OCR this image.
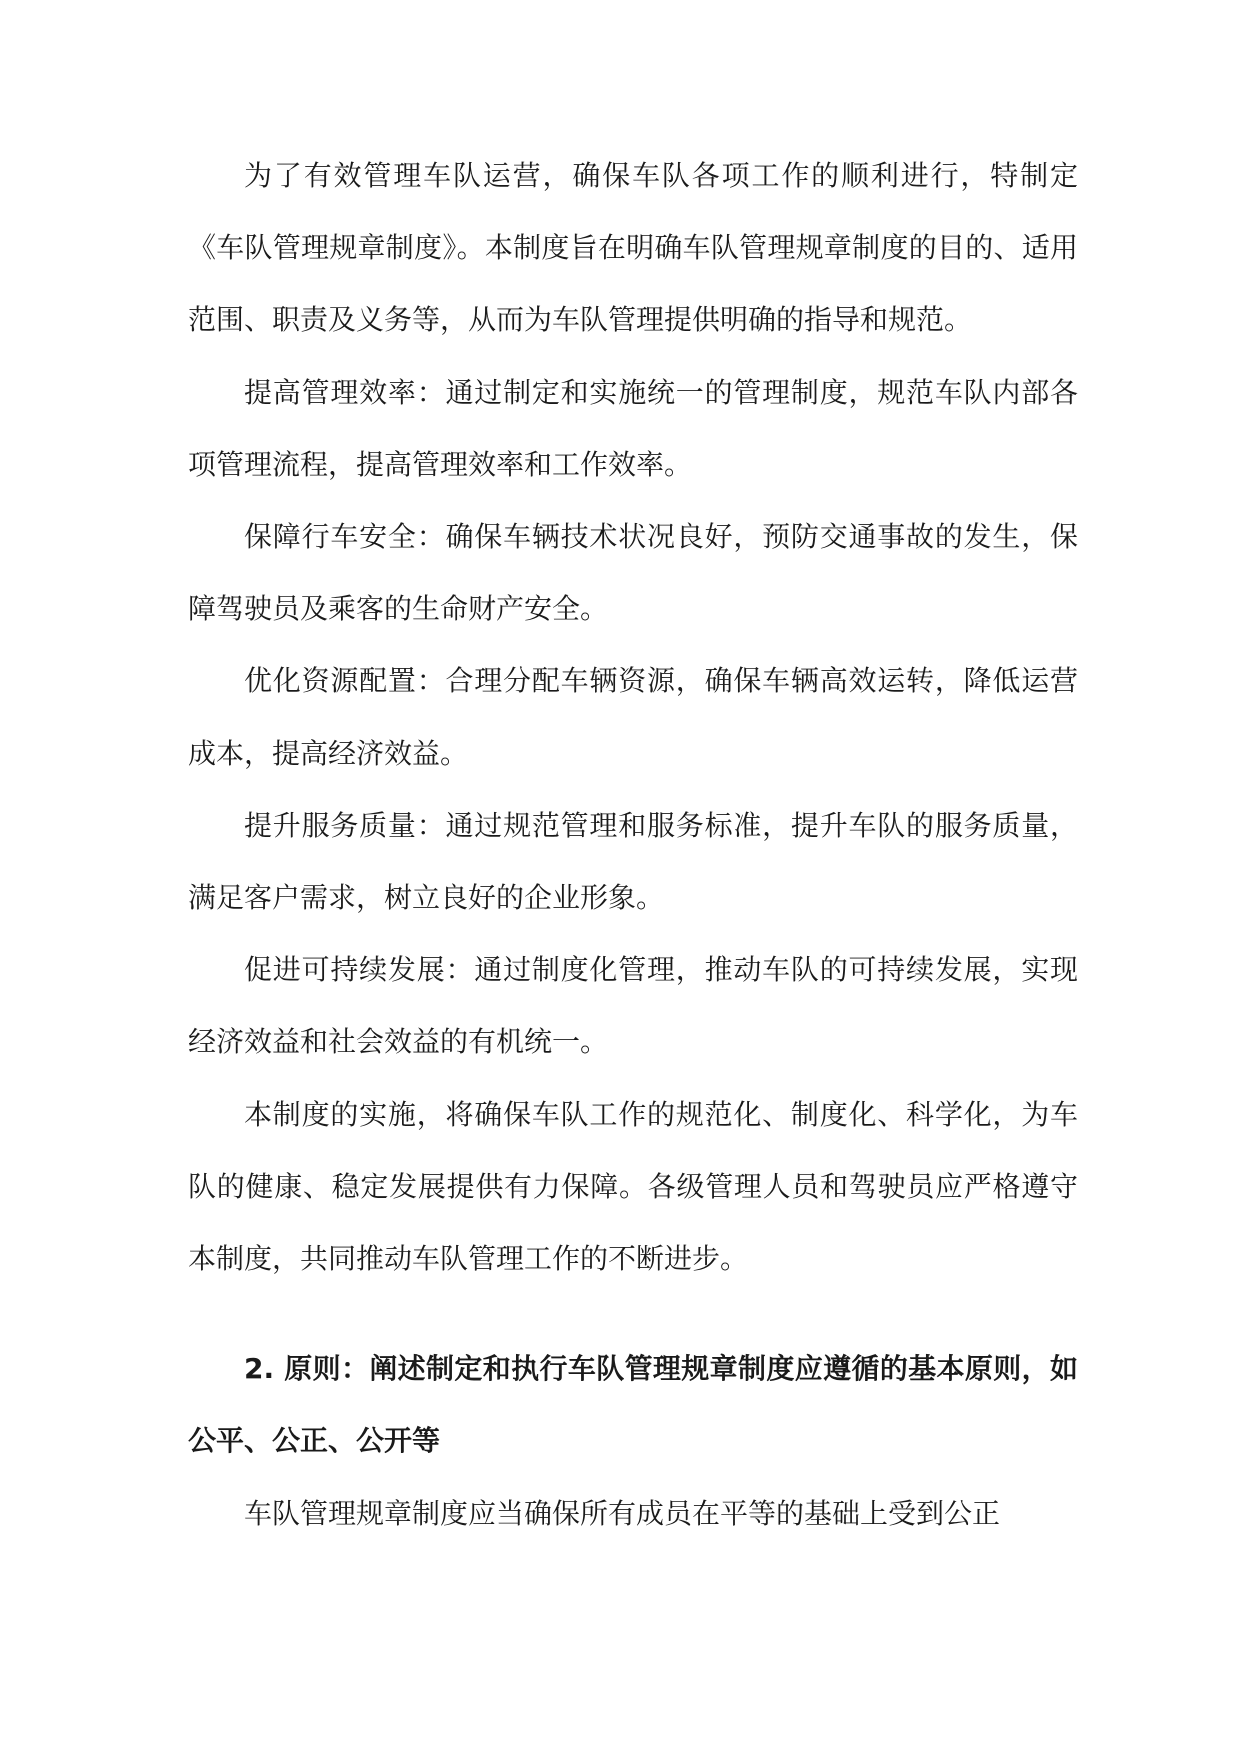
为了有效管理车队运营，确保车队各项工作的顺利进行，特制定《车队管理规章制度》。本制度旨在明确车队管理规章制度的目的、适用范围、职责及义务等，从而为车队管理提供明确的指导和规范。

提高管理效率：通过制定和实施统一的管理制度，规范车队内部各项管理流程，提高管理效率和工作效率。

保障行车安全：确保车辆技术状况良好，预防交通事故的发生，保障驾驶员及乘客的生命财产安全。

优化资源配置：合理分配车辆资源，确保车辆高效运转，降低运营成本，提高经济效益。

提升服务质量：通过规范管理和服务标准，提升车队的服务质量，满足客户需求，树立良好的企业形象。

促进可持续发展：通过制度化管理，推动车队的可持续发展，实现经济效益和社会效益的有机统一。

本制度的实施，将确保车队工作的规范化、制度化、科学化，为车队的健康、稳定发展提供有力保障。各级管理人员和驾驶员应严格遵守本制度，共同推动车队管理工作的不断进步。

2. 原则：阐述制定和执行车队管理规章制度应遵循的基本原则，如公平、公正、公开等

车队管理规章制度应当确保所有成员在平等的基础上受到公正
